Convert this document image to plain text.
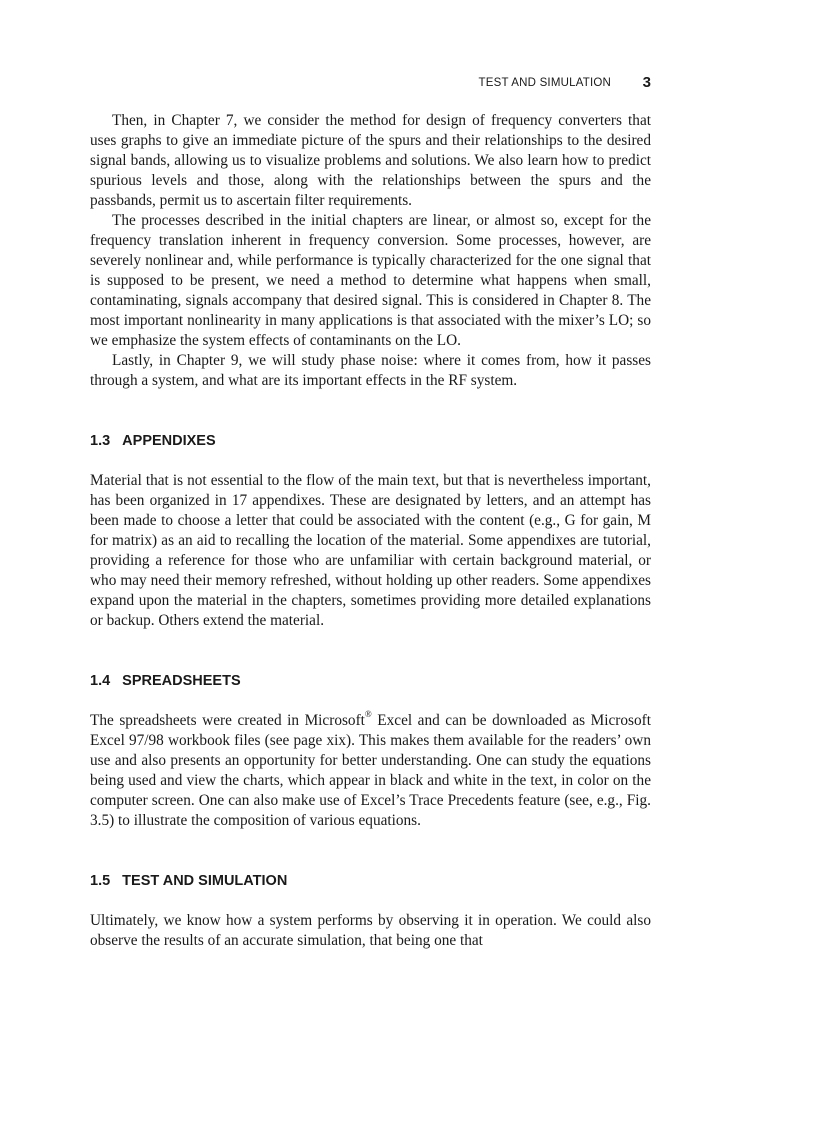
TEST AND SIMULATION 3

Then, in Chapter 7, we consider the method for design of frequency converters that uses graphs to give an immediate picture of the spurs and their relationships to the desired signal bands, allowing us to visualize problems and solutions. We also learn how to predict spurious levels and those, along with the relationships between the spurs and the passbands, permit us to ascertain filter requirements.

The processes described in the initial chapters are linear, or almost so, except for the frequency translation inherent in frequency conversion. Some processes, however, are severely nonlinear and, while performance is typically characterized for the one signal that is supposed to be present, we need a method to determine what happens when small, contaminating, signals accompany that desired signal. This is considered in Chapter 8. The most important nonlinearity in many applications is that associated with the mixer’s LO; so we emphasize the system effects of contaminants on the LO.

Lastly, in Chapter 9, we will study phase noise: where it comes from, how it passes through a system, and what are its important effects in the RF system.

1.3 APPENDIXES

Material that is not essential to the flow of the main text, but that is nevertheless important, has been organized in 17 appendixes. These are designated by letters, and an attempt has been made to choose a letter that could be associated with the content (e.g., G for gain, M for matrix) as an aid to recalling the location of the material. Some appendixes are tutorial, providing a reference for those who are unfamiliar with certain background material, or who may need their memory refreshed, without holding up other readers. Some appendixes expand upon the material in the chapters, sometimes providing more detailed explanations or backup. Others extend the material.

1.4 SPREADSHEETS

The spreadsheets were created in Microsoft® Excel and can be downloaded as Microsoft Excel 97/98 workbook files (see page xix). This makes them available for the readers’ own use and also presents an opportunity for better understanding. One can study the equations being used and view the charts, which appear in black and white in the text, in color on the computer screen. One can also make use of Excel’s Trace Precedents feature (see, e.g., Fig. 3.5) to illustrate the composition of various equations.

1.5 TEST AND SIMULATION

Ultimately, we know how a system performs by observing it in operation. We could also observe the results of an accurate simulation, that being one that
